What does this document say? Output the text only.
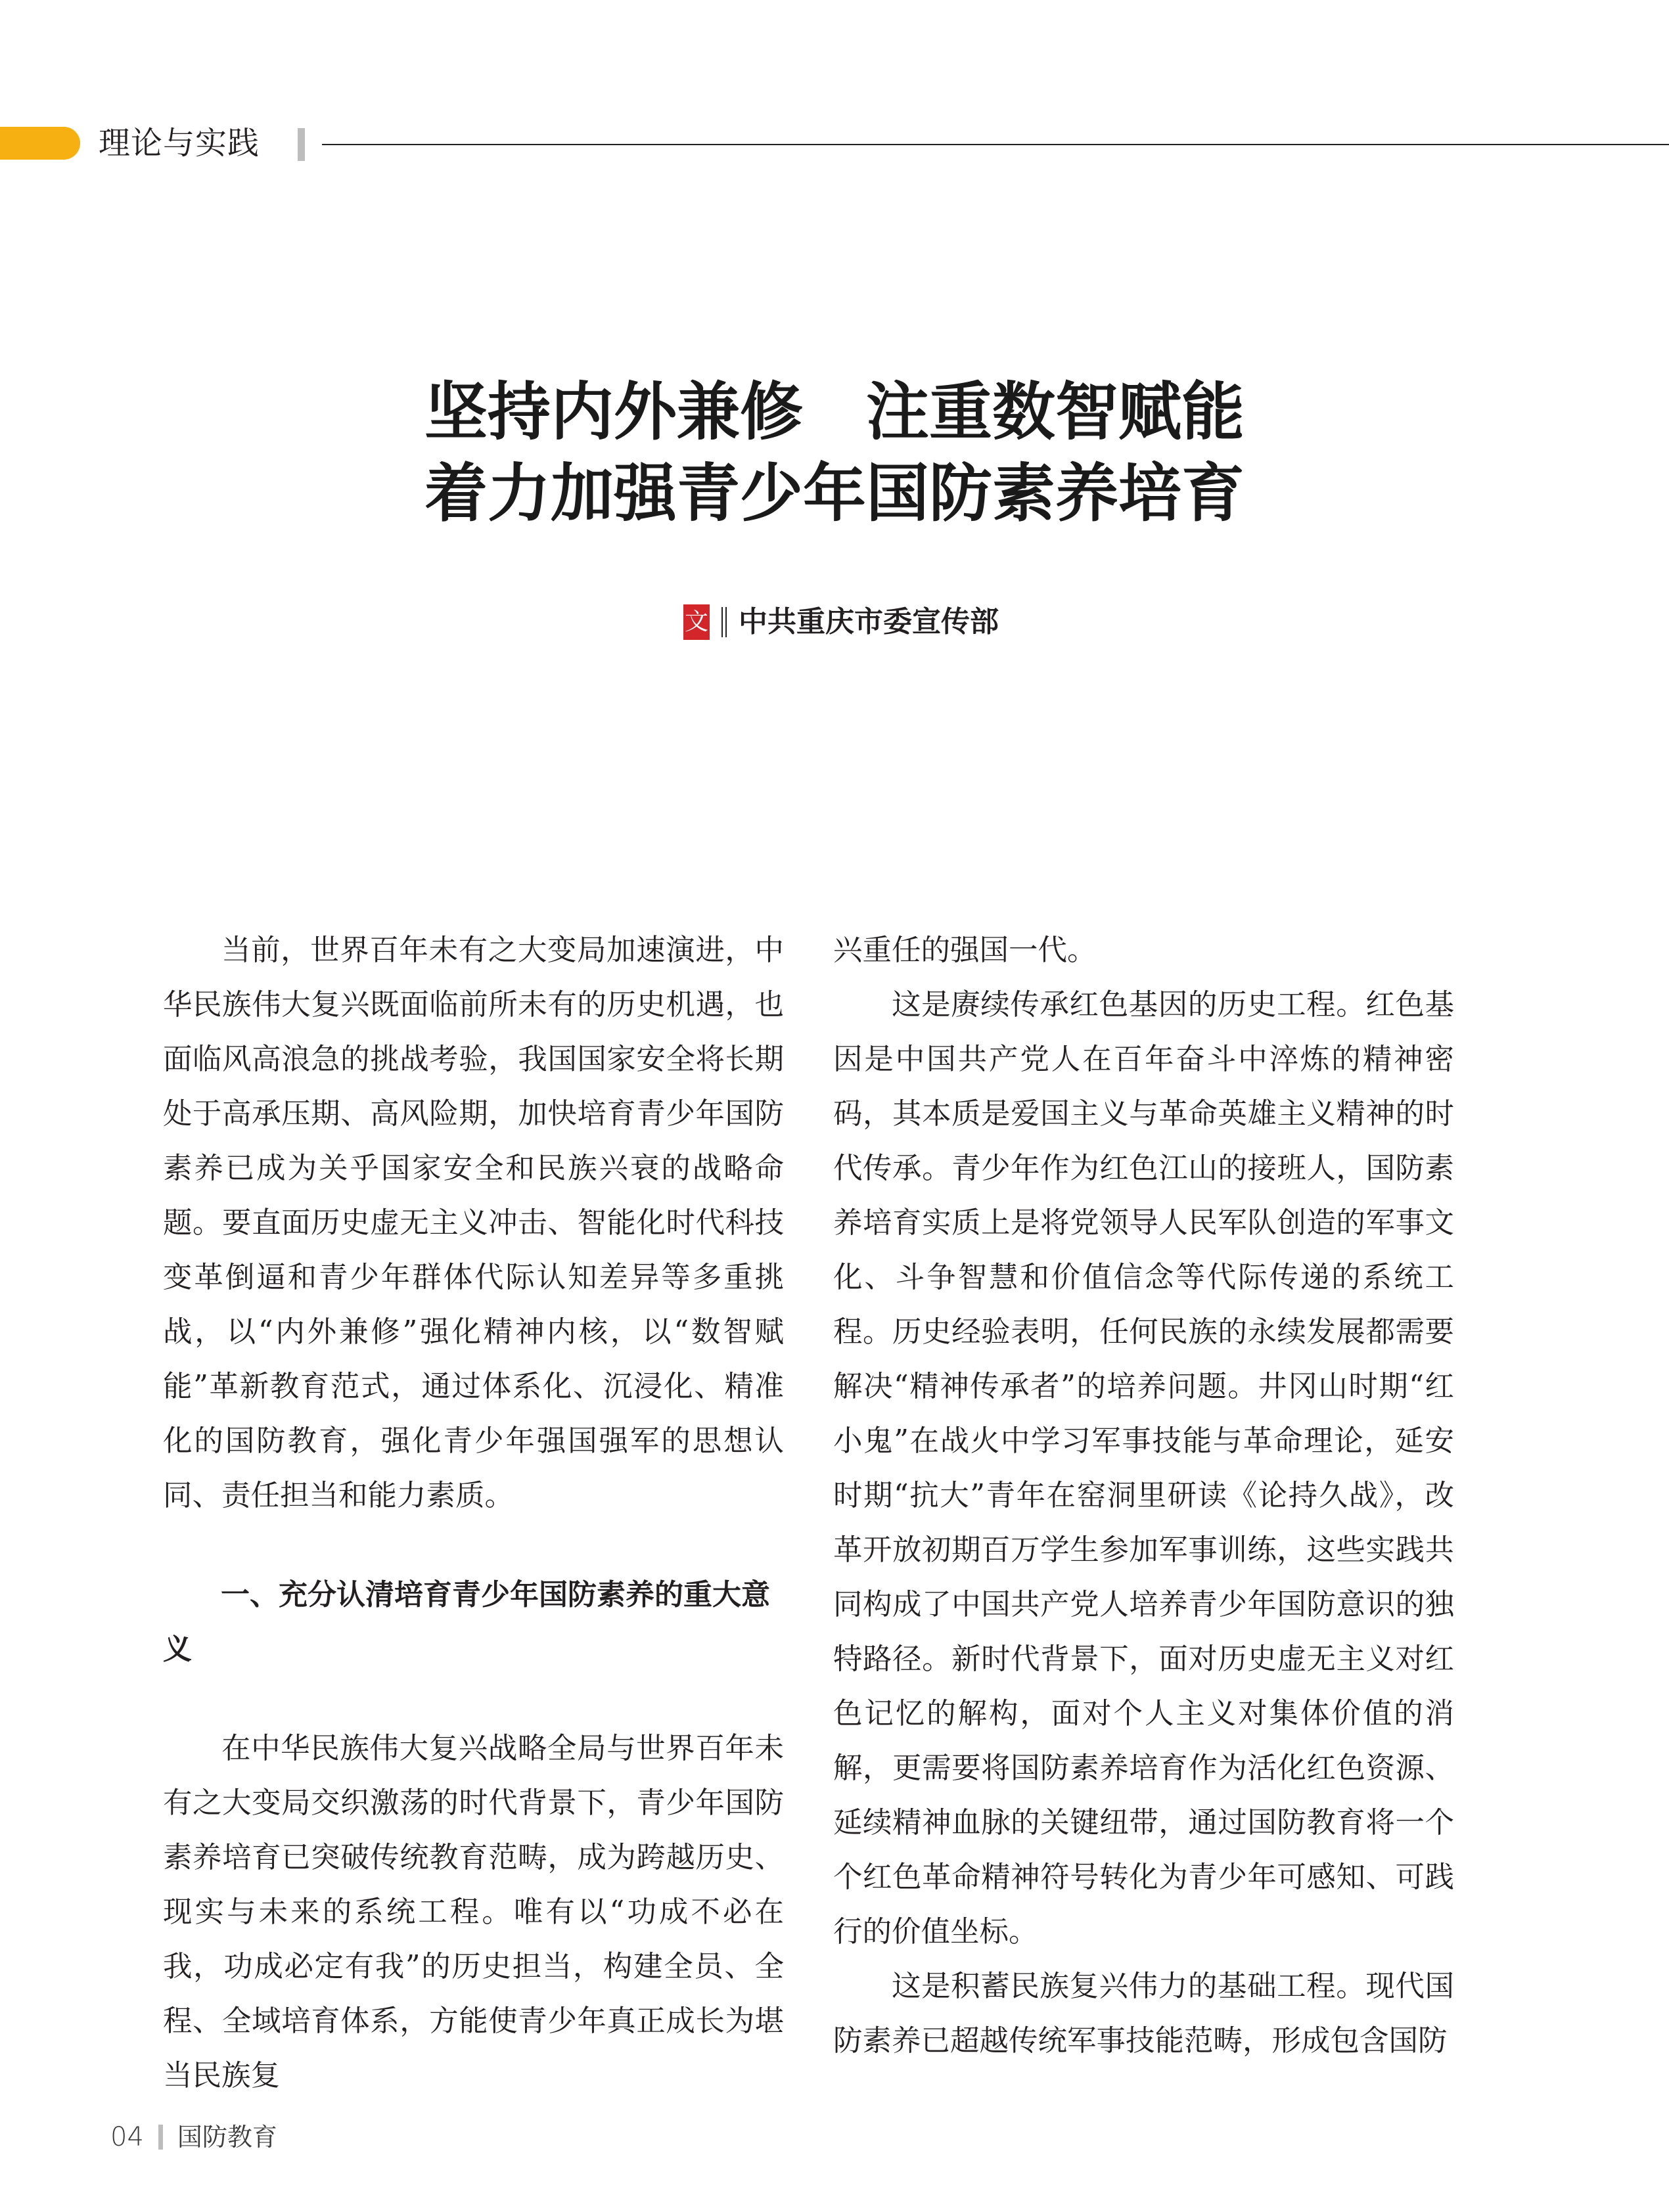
理论与实践
坚持内外兼修　注重数智赋能
着力加强青少年国防素养培育
文 中共重庆市委宣传部

当前，世界百年未有之大变局加速演进，中华民族伟大复兴既面临前所未有的历史机遇，也面临风高浪急的挑战考验，我国国家安全将长期处于高承压期、高风险期，加快培育青少年国防素养已成为关乎国家安全和民族兴衰的战略命题。要直面历史虚无主义冲击、智能化时代科技变革倒逼和青少年群体代际认知差异等多重挑战，以“内外兼修”强化精神内核，以“数智赋能”革新教育范式，通过体系化、沉浸化、精准化的国防教育，强化青少年强国强军的思想认同、责任担当和能力素质。

一、充分认清培育青少年国防素养的重大意义

在中华民族伟大复兴战略全局与世界百年未有之大变局交织激荡的时代背景下，青少年国防素养培育已突破传统教育范畴，成为跨越历史、现实与未来的系统工程。唯有以“功成不必在我，功成必定有我”的历史担当，构建全员、全程、全域培育体系，方能使青少年真正成长为堪当民族复

兴重任的强国一代。

这是赓续传承红色基因的历史工程。红色基因是中国共产党人在百年奋斗中淬炼的精神密码，其本质是爱国主义与革命英雄主义精神的时代传承。青少年作为红色江山的接班人，国防素养培育实质上是将党领导人民军队创造的军事文化、斗争智慧和价值信念等代际传递的系统工程。历史经验表明，任何民族的永续发展都需要解决“精神传承者”的培养问题。井冈山时期“红小鬼”在战火中学习军事技能与革命理论，延安时期“抗大”青年在窑洞里研读《论持久战》，改革开放初期百万学生参加军事训练，这些实践共同构成了中国共产党人培养青少年国防意识的独特路径。新时代背景下，面对历史虚无主义对红色记忆的解构，面对个人主义对集体价值的消解，更需要将国防素养培育作为活化红色资源、延续精神血脉的关键纽带，通过国防教育将一个个红色革命精神符号转化为青少年可感知、可践行的价值坐标。

这是积蓄民族复兴伟力的基础工程。现代国防素养已超越传统军事技能范畴，形成包含国防

04 国防教育
